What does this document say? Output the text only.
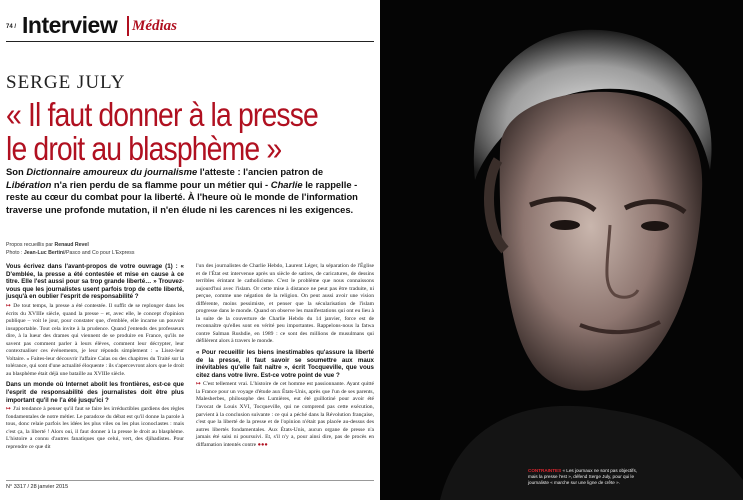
74 / Interview Médias
SERGE JULY
« Il faut donner à la presse
le droit au blasphème »
Son Dictionnaire amoureux du journalisme l'atteste : l'ancien patron de Libération n'a rien perdu de sa flamme pour un métier qui - Charlie le rappelle - reste au cœur du combat pour la liberté. À l'heure où le monde de l'information traverse une profonde mutation, il n'en élude ni les carences ni les exigences.
Propos recueillis par Renaud Revel
Photo : Jean-Luc Bertini/Pasco and Co pour L'Express
Vous écrivez dans l'avant-propos de votre ouvrage (1) : « D'emblée, la presse a été contestée et mise en cause à ce titre. Elle l'est aussi pour sa trop grande liberté… » Trouvez-vous que les journalistes usent parfois trop de cette liberté, jusqu'à en oublier l'esprit de responsabilité ?
↦ De tout temps, la presse a été contestée. Il suffit de se replonger dans les écrits du XVIIIe siècle, quand la presse – et, avec elle, le concept d'opinion publique – voit le jour, pour constater que, d'emblée, elle incarne un pouvoir insupportable. Tout cela invite à la prudence. Quand j'entends des professeurs dire, à la lueur des drames qui viennent de se produire en France, qu'ils ne savent pas comment parler à leurs élèves, comment leur décrypter, leur contextualiser ces événements, je leur réponds simplement : « Lisez-leur Voltaire. « Faites-leur découvrir l'affaire Calas ou des chapitres du Traité sur la tolérance, qui sont d'une actualité éloquente : ils s'apercevront alors que le droit au blasphème était déjà une bataille au XVIIIe siècle.
Dans un monde où Internet abolit les frontières, est-ce que l'esprit de responsabilité des journalistes doit être plus important qu'il ne l'a été jusqu'ici ?
↦ J'ai tendance à penser qu'il faut se faire les irréductibles gardiens des règles fondamentales de notre métier. Le paradoxe du débat est qu'il donne la parole à tous, donc relaie parfois les idées les plus viles ou les plus iconoclastes : mais c'est ça, la liberté ! Alors oui, il faut donner à la presse le droit au blasphème. L'histoire a connu d'autres fanatiques que celui, vert, des djihadistes. Pour reprendre ce que dit
l'un des journalistes de Charlie Hebdo, Laurent Léger, la séparation de l'Église et de l'État est intervenue après un siècle de satires, de caricatures, de dessins terribles érintant le catholicisme. C'est le problème que nous connaissons aujourd'hui avec l'islam. Or cette mise à distance ne peut pas être traduite, ni perçue, comme une négation de la religion. On peut aussi avoir une vision différente, moins pessimiste, et penser que la sécularisation de l'islam progresse dans le monde. Quand on observe les manifestations qui ont eu lieu à la suite de la couverture de Charlie Hebdo du 14 janvier, force est de reconnaître qu'elles sont en vérité peu importantes. Rappelons-nous la fatwa contre Salman Rushdie, en 1989 : ce sont des millions de musulmans qui défilèrent alors à travers le monde.
« Pour recueillir les biens inestimables qu'assure la liberté de la presse, il faut savoir se soumettre aux maux inévitables qu'elle fait naître », écrit Tocqueville, que vous citez dans votre livre. Est-ce votre point de vue ?
↦ C'est tellement vrai. L'histoire de cet homme est passionnante. Ayant quitté la France pour un voyage d'étude aux États-Unis, après que l'un de ses parents, Malesherbes, philosophe des Lumières, eut été guillotiné pour avoir été l'avocat de Louis XVI, Tocqueville, qui ne comprend pas cette exécution, parvient à la conclusion suivante : ce qui a péché dans la Révolution française, c'est que la liberté de la presse et de l'opinion n'était pas placée au-dessus des autres libertés fondamentales. Aux États-Unis, aucun organe de presse n'a jamais été saisi ni poursuivi. Et, s'il n'y a, pour ainsi dire, pas de procès en diffamation intentés contre ●●●
N° 3317 / 28 janvier 2015
CONTRAINTES « Les journaux ne sont pas objectifs, mais la presse l'est », défend Serge July, pour qui le journaliste « marche sur une ligne de crête ».
